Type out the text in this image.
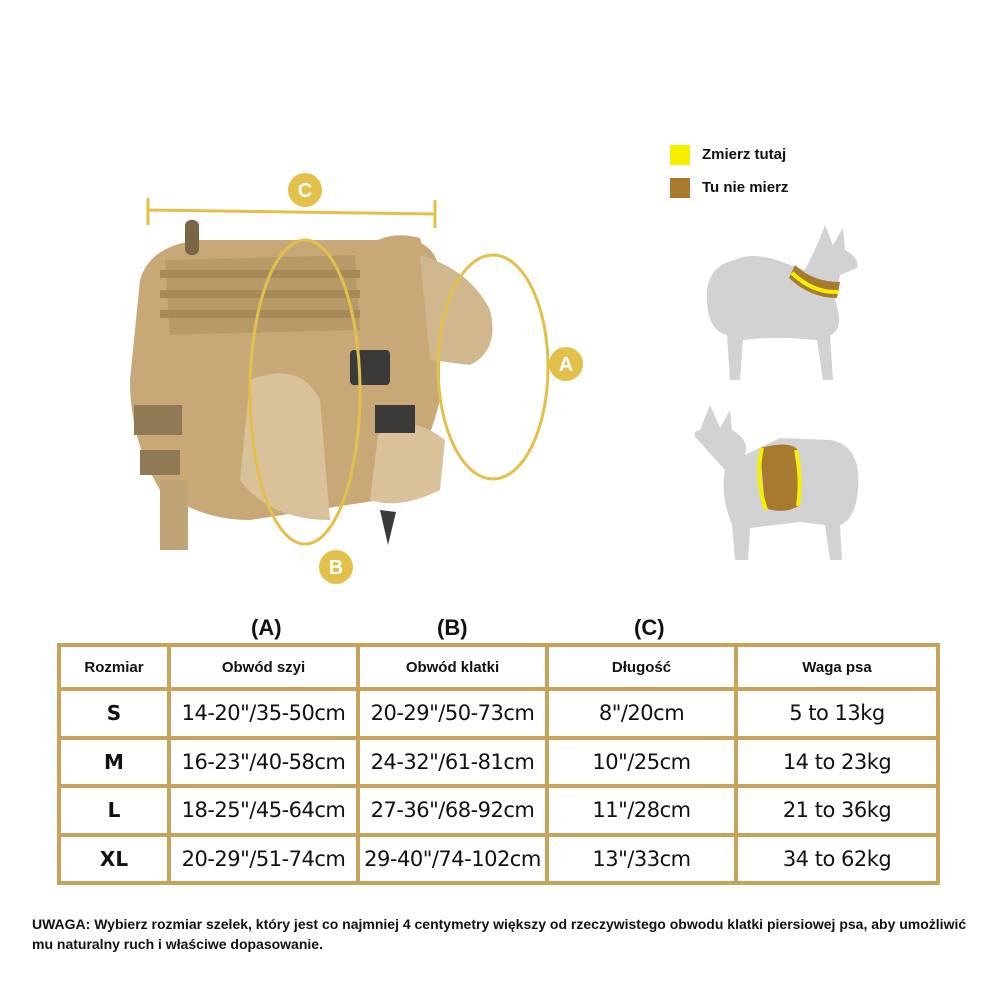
C
A
B
Zmierz tutaj
Tu nie mierz
(A)	(B)	(C)
Rozmiar	Obwód szyi	Obwód klatki	Długość	Waga psa
S	14-20"/35-50cm	20-29"/50-73cm	8"/20cm	5 to 13kg
M	16-23"/40-58cm	24-32"/61-81cm	10"/25cm	14 to 23kg
L	18-25"/45-64cm	27-36"/68-92cm	11"/28cm	21 to 36kg
XL	20-29"/51-74cm	29-40"/74-102cm	13"/33cm	34 to 62kg
UWAGA: Wybierz rozmiar szelek, który jest co najmniej 4 centymetry większy od rzeczywistego obwodu klatki piersiowej psa, aby umożliwić mu naturalny ruch i właściwe dopasowanie.
